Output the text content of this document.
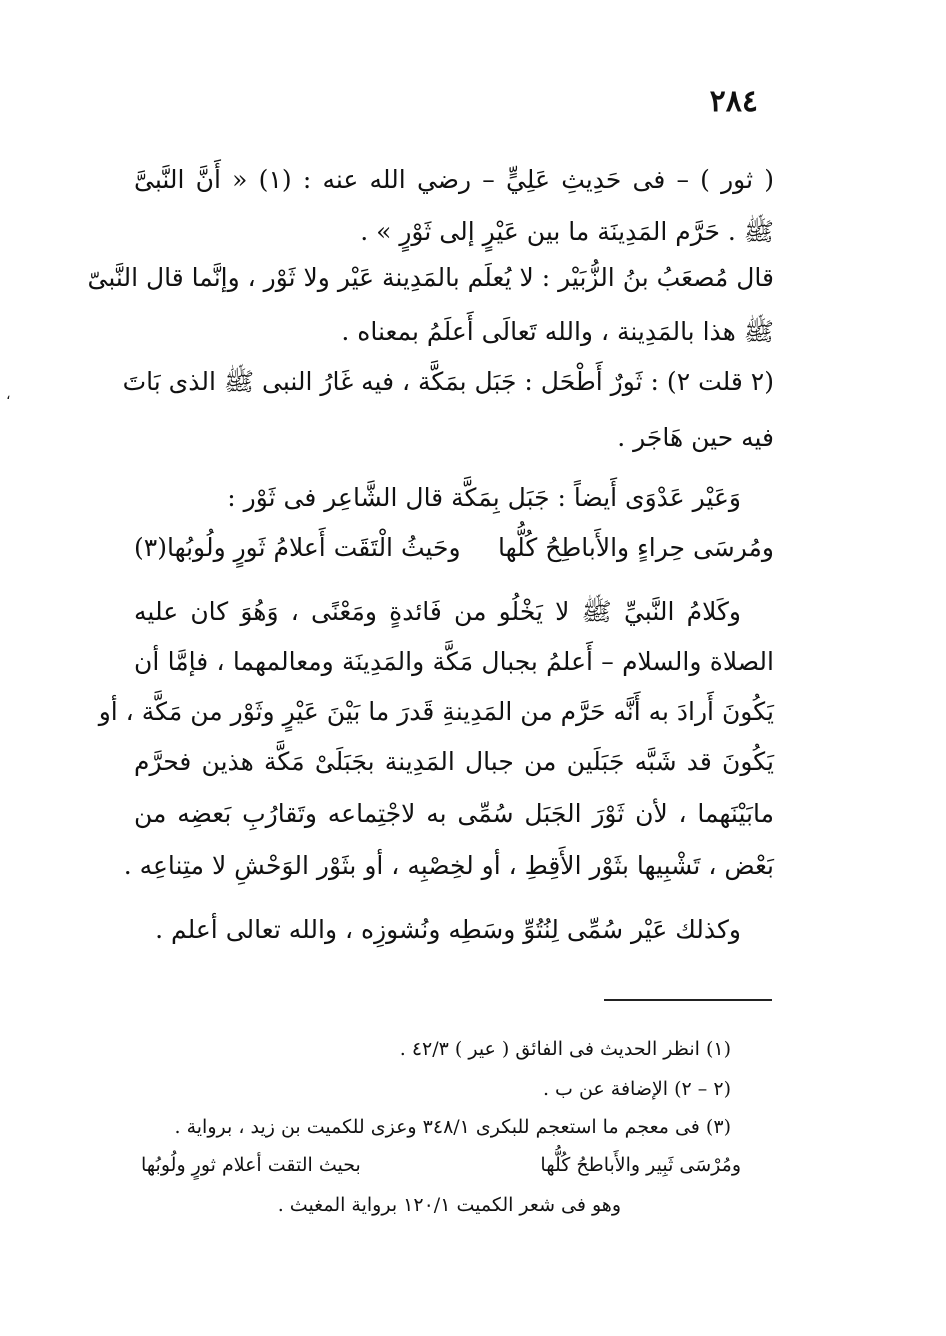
٢٨٤
( ثور ) – فى حَدِيثِ عَلِيٍّ – رضي الله عنه : (١) « أَنَّ النَّبىَّ
ﷺ . حَرَّم المَدِينَة ما بين عَيْرٍ إلى ثَوْرٍ » .
قال مُصعَبُ بنُ الزُّبَيْر : لا يُعلَم بالمَدِينة عَيْر ولا ثَوْر ، وإنَّما قال النَّبىّ
ﷺ هذا بالمَدِينة ، والله تَعالَى أَعلَمُ بمعناه .
(٢ قلت ٢) : ثَورٌ أَطْحَل : جَبَل بمَكَّة ، فيه غَارُ النبى ﷺ الذى بَاتَ
فيه حين هَاجَر .
وَعَيْر عَدْوَى أَيضاً : جَبَل بِمَكَّة قال الشَّاعِر فى ثَوْر :
ومُرسَى حِراءٍ والأَباطِحُ كُلُّها
وحَيثُ الْتَقَت أَعلامُ ثَورٍ ولُوبُها(٣)
وكَلامُ النَّبيِّ ﷺ لا يَخْلُو من فَائدةٍ ومَعْنًى ، وَهُوَ كان عليه
الصلاة والسلام – أَعلمُ بجبال مَكَّة والمَدِينَة ومعالمهما ، فإمَّا أن
يَكُونَ أَرادَ به أَنَّه حَرَّم من المَدِينةِ قَدرَ ما بَيْنَ عَيْرٍ وثَوْر من مَكَّة ، أو
يَكُونَ قد شَبَّه جَبَلَين من جبال المَدِينة بجَبَلَىْ مَكَّة هذين فحرَّم
مابَيْنَهما ، لأن ثَوْرَ الجَبَل سُمِّى به لاجْتِماعه وتَقارُبِ بَعضِه من
بَعْض ، تَشْبِيها بثَوْر الأَقِطِ ، أو لخِصْبِه ، أو بثَوْر الوَحْشِ لا متِناعِه .
وكذلك عَيْر سُمِّى لِنُتُوِّ وسَطِه ونُشوزِه ، والله تعالى أعلم .
(١) انظر الحديث فى الفائق ( عير ) ٤٢/٣ .
(٢ – ٢) الإضافة عن ب .
(٣) فى معجم ما استعجم للبكرى ٣٤٨/١ وعزى للكميت بن زيد ، برواية .
ومُرْسَى ثَبِير والأَباطحُ كُلُّها
بحيث التقت أعلام ثورٍ ولُوبُها
وهو فى شعر الكميت ١٢٠/١ برواية المغيث .
،
